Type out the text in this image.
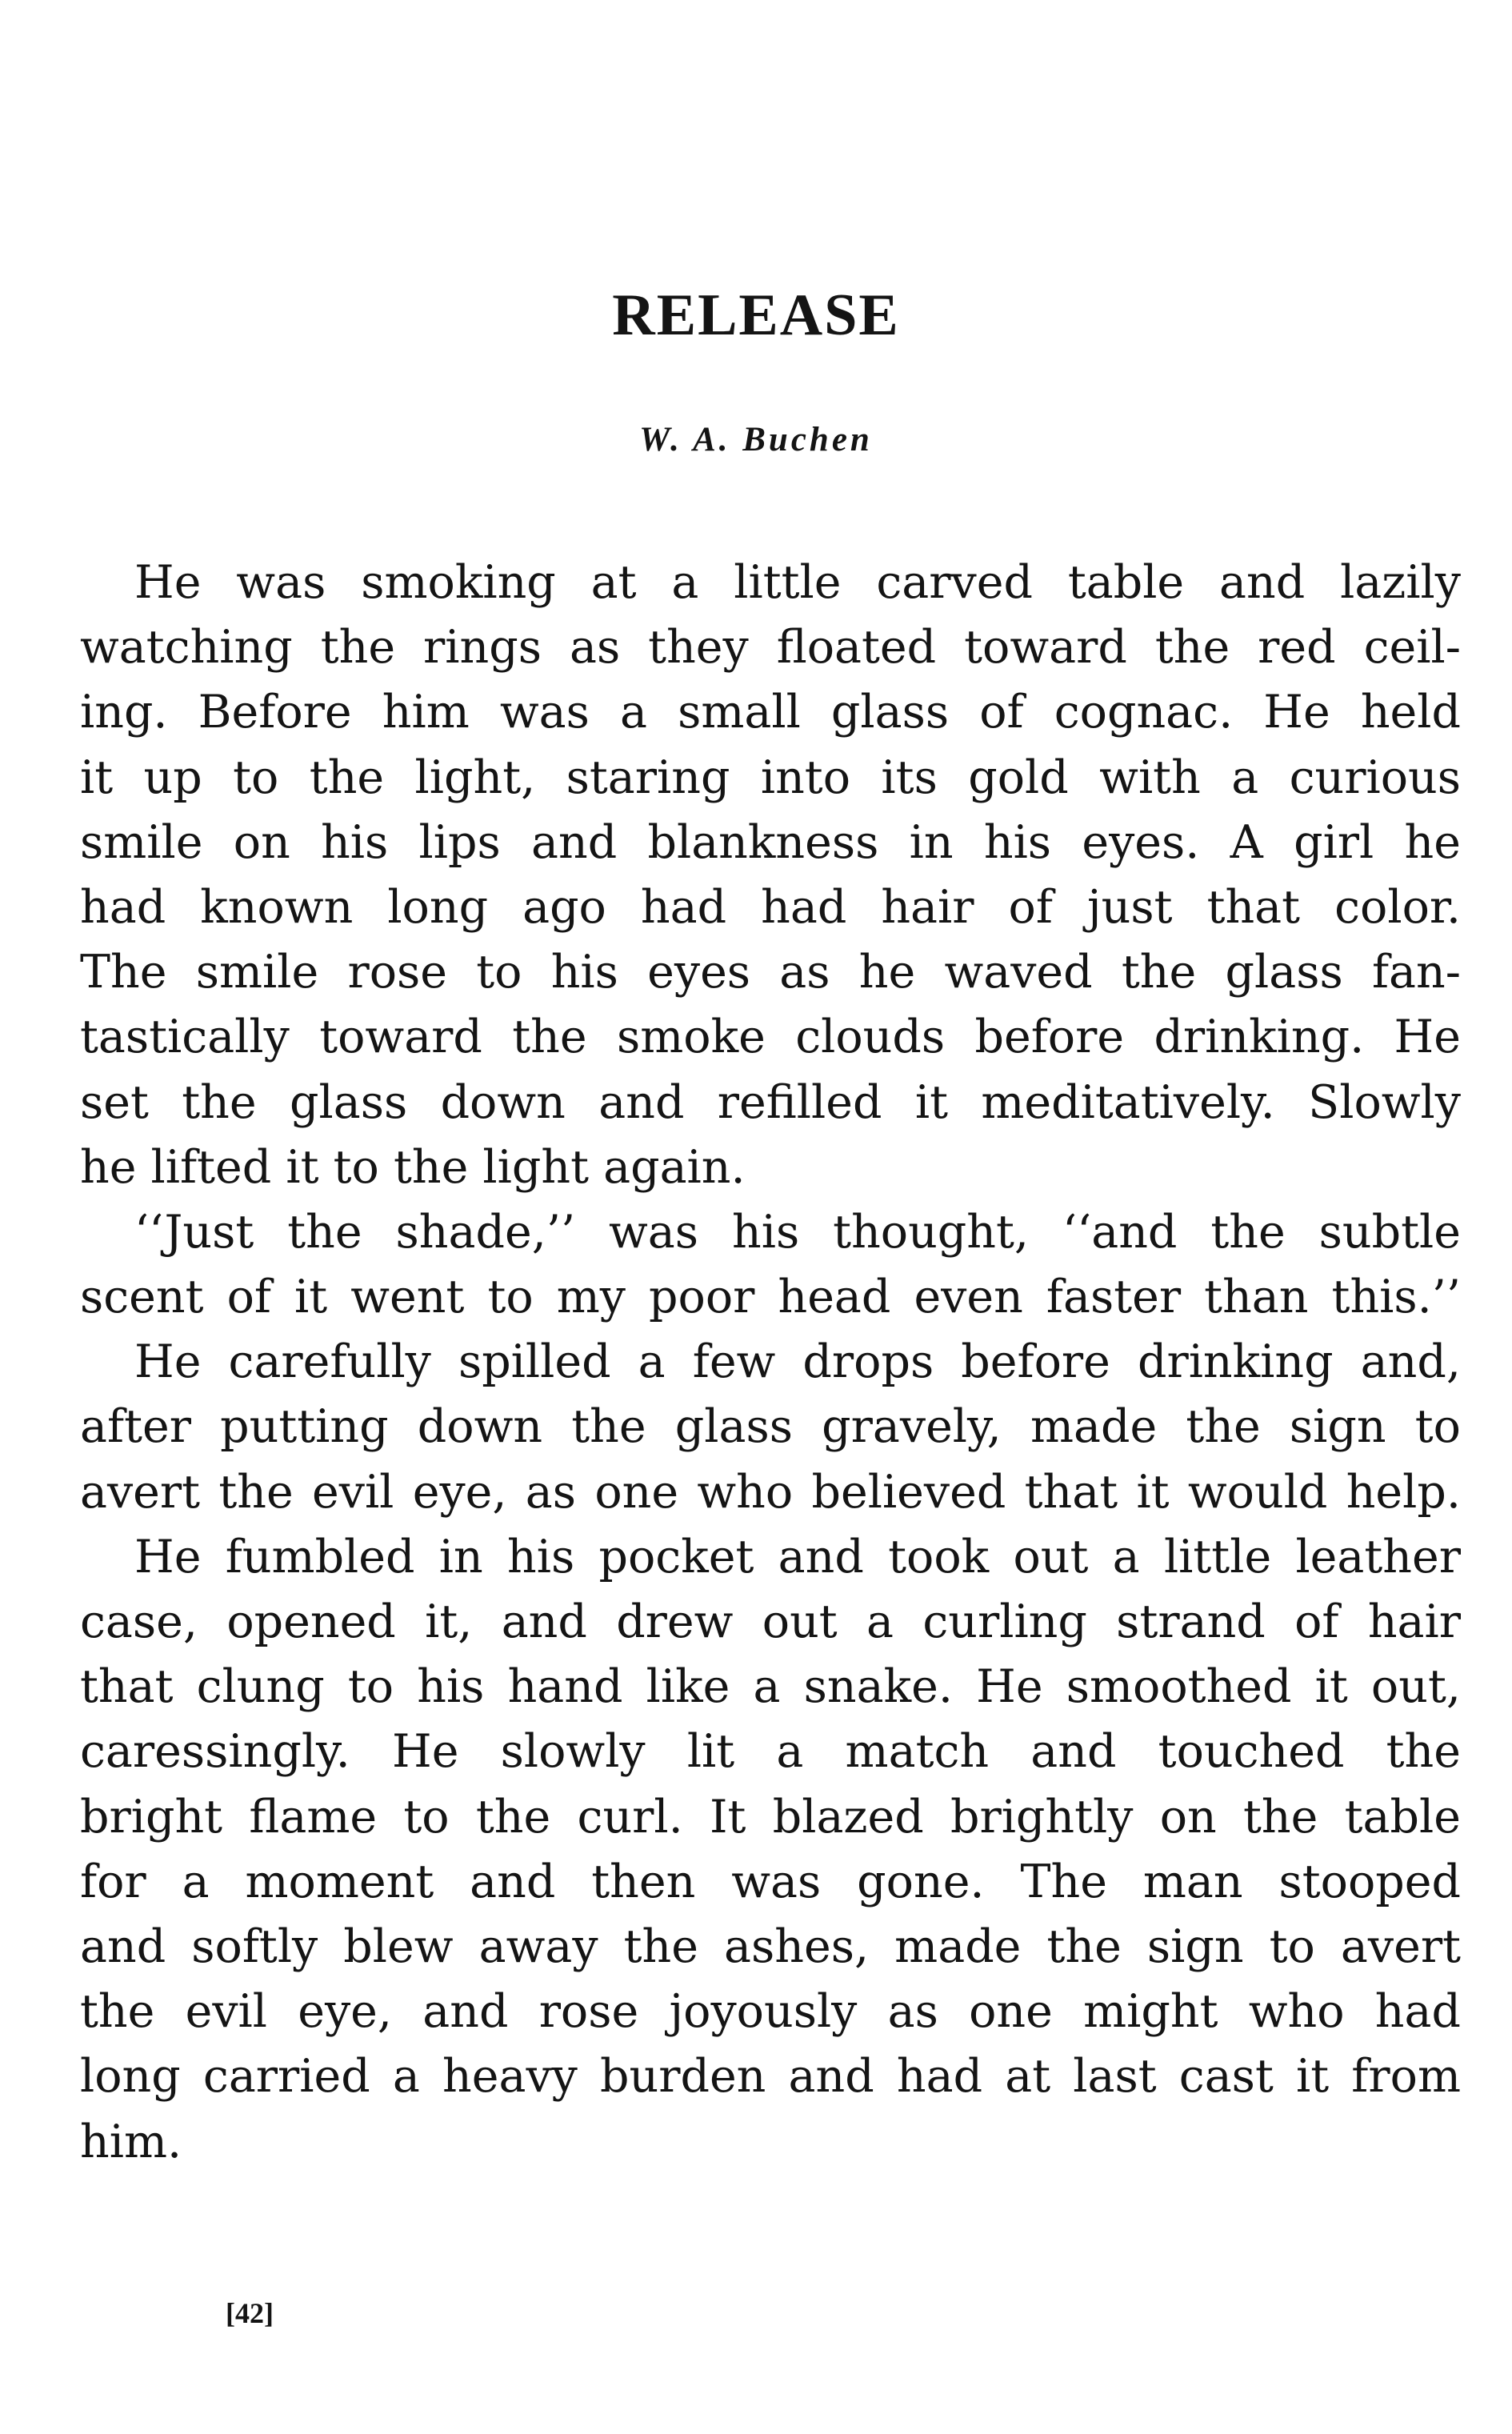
RELEASE
W. A. Buchen
He was smoking at a little carved table and lazily
watching the rings as they floated toward the red ceil-
ing. Before him was a small glass of cognac. He held
it up to the light, staring into its gold with a curious
smile on his lips and blankness in his eyes. A girl he
had known long ago had had hair of just that color.
The smile rose to his eyes as he waved the glass fan-
tastically toward the smoke clouds before drinking. He
set the glass down and refilled it meditatively. Slowly
he lifted it to the light again.
‘‘Just the shade,’’ was his thought, ‘‘and the subtle
scent of it went to my poor head even faster than this.’’
He carefully spilled a few drops before drinking and,
after putting down the glass gravely, made the sign to
avert the evil eye, as one who believed that it would help.
He fumbled in his pocket and took out a little leather
case, opened it, and drew out a curling strand of hair
that clung to his hand like a snake. He smoothed it out,
caressingly. He slowly lit a match and touched the
bright flame to the curl. It blazed brightly on the table
for a moment and then was gone. The man stooped
and softly blew away the ashes, made the sign to avert
the evil eye, and rose joyously as one might who had
long carried a heavy burden and had at last cast it from
him.
[42]
